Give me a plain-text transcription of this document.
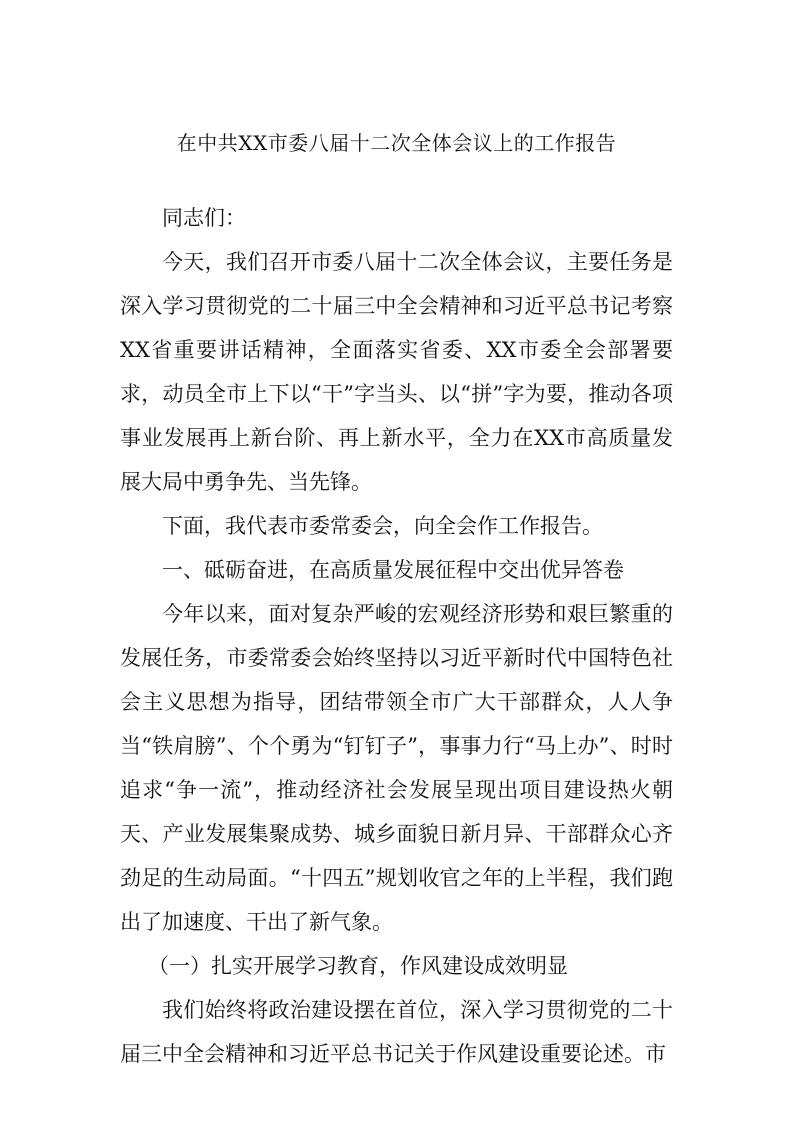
在中共XX市委八届十二次全体会议上的工作报告

同志们：

今天，我们召开市委八届十二次全体会议，主要任务是深入学习贯彻党的二十届三中全会精神和习近平总书记考察XX省重要讲话精神，全面落实省委、XX市委全会部署要求，动员全市上下以“干”字当头、以“拼”字为要，推动各项事业发展再上新台阶、再上新水平，全力在XX市高质量发展大局中勇争先、当先锋。

下面，我代表市委常委会，向全会作工作报告。

一、砥砺奋进，在高质量发展征程中交出优异答卷

今年以来，面对复杂严峻的宏观经济形势和艰巨繁重的发展任务，市委常委会始终坚持以习近平新时代中国特色社会主义思想为指导，团结带领全市广大干部群众，人人争当“铁肩膀”、个个勇为“钉钉子”，事事力行“马上办”、时时追求“争一流”，推动经济社会发展呈现出项目建设热火朝天、产业发展集聚成势、城乡面貌日新月异、干部群众心齐劲足的生动局面。“十四五”规划收官之年的上半程，我们跑出了加速度、干出了新气象。

（一）扎实开展学习教育，作风建设成效明显

我们始终将政治建设摆在首位，深入学习贯彻党的二十届三中全会精神和习近平总书记关于作风建设重要论述。市
